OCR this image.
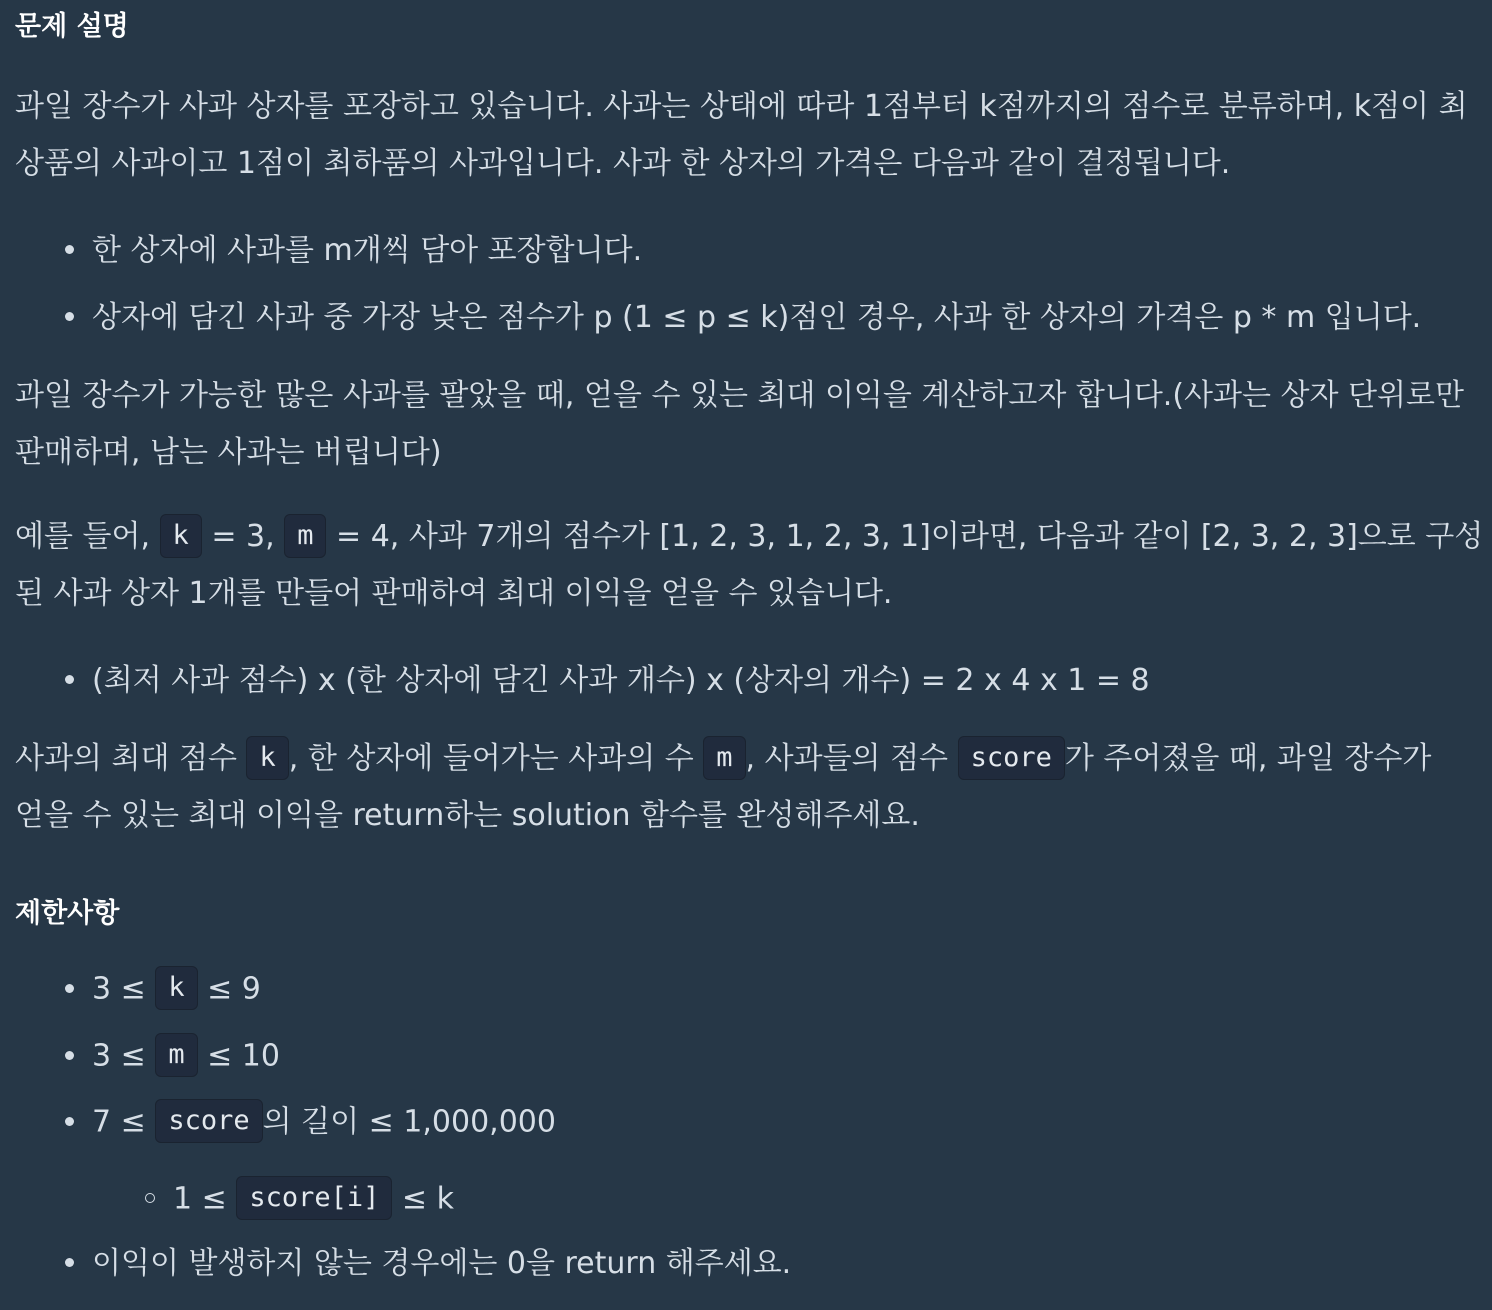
문제 설명

과일 장수가 사과 상자를 포장하고 있습니다. 사과는 상태에 따라 1점부터 k점까지의 점수로 분류하며, k점이 최
상품의 사과이고 1점이 최하품의 사과입니다. 사과 한 상자의 가격은 다음과 같이 결정됩니다.

한 상자에 사과를 m개씩 담아 포장합니다.
상자에 담긴 사과 중 가장 낮은 점수가 p (1 ≤ p ≤ k)점인 경우, 사과 한 상자의 가격은 p * m 입니다.

과일 장수가 가능한 많은 사과를 팔았을 때, 얻을 수 있는 최대 이익을 계산하고자 합니다.(사과는 상자 단위로만
판매하며, 남는 사과는 버립니다)

예를 들어, k = 3, m = 4, 사과 7개의 점수가 [1, 2, 3, 1, 2, 3, 1]이라면, 다음과 같이 [2, 3, 2, 3]으로 구성
된 사과 상자 1개를 만들어 판매하여 최대 이익을 얻을 수 있습니다.

(최저 사과 점수) x (한 상자에 담긴 사과 개수) x (상자의 개수) = 2 x 4 x 1 = 8

사과의 최대 점수 k , 한 상자에 들어가는 사과의 수 m , 사과들의 점수 score 가 주어졌을 때, 과일 장수가
얻을 수 있는 최대 이익을 return하는 solution 함수를 완성해주세요.

제한사항
3 ≤ k ≤ 9
3 ≤ m ≤ 10
7 ≤ score 의 길이 ≤ 1,000,000
1 ≤ score[i] ≤ k
이익이 발생하지 않는 경우에는 0을 return 해주세요.
